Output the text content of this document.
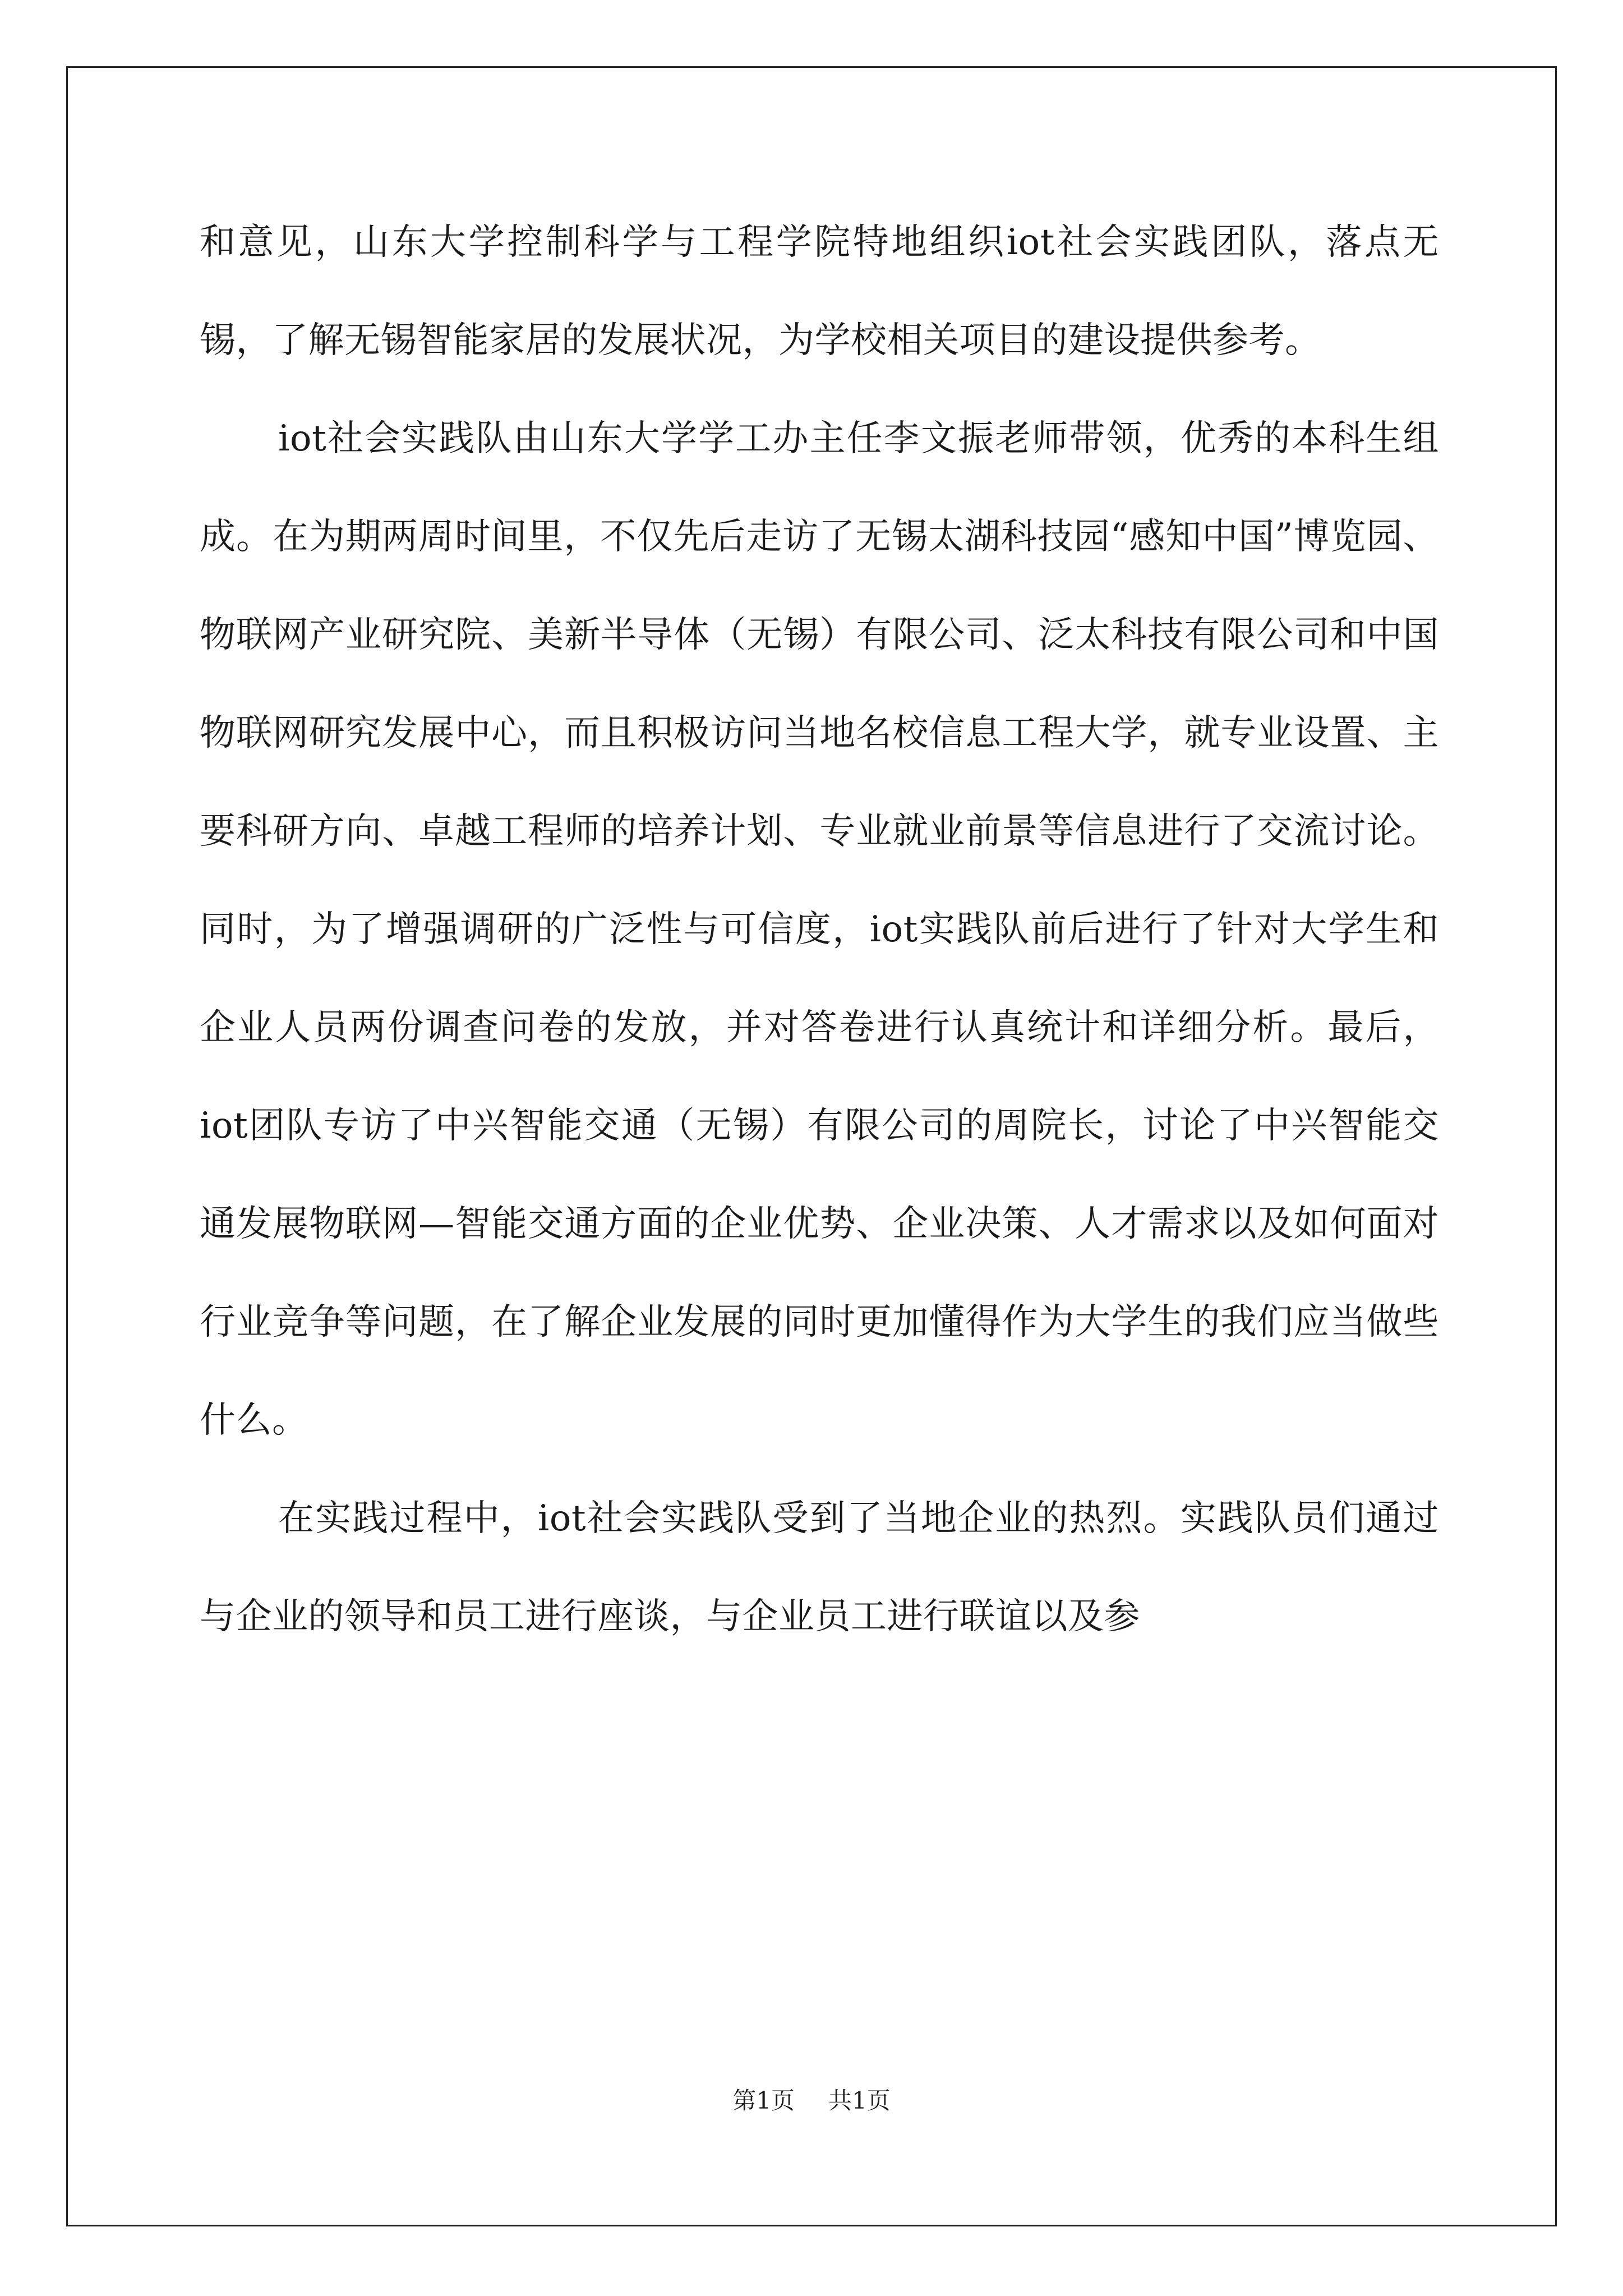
和意见，山东大学控制科学与工程学院特地组织iot社会实践团队，落点无锡，了解无锡智能家居的发展状况，为学校相关项目的建设提供参考。

iot社会实践队由山东大学学工办主任李文振老师带领，优秀的本科生组成。在为期两周时间里，不仅先后走访了无锡太湖科技园“感知中国”博览园、物联网产业研究院、美新半导体（无锡）有限公司、泛太科技有限公司和中国物联网研究发展中心，而且积极访问当地名校信息工程大学，就专业设置、主要科研方向、卓越工程师的培养计划、专业就业前景等信息进行了交流讨论。同时，为了增强调研的广泛性与可信度，iot实践队前后进行了针对大学生和企业人员两份调查问卷的发放，并对答卷进行认真统计和详细分析。最后，iot团队专访了中兴智能交通（无锡）有限公司的周院长，讨论了中兴智能交通发展物联网—智能交通方面的企业优势、企业决策、人才需求以及如何面对行业竞争等问题，在了解企业发展的同时更加懂得作为大学生的我们应当做些什么。

在实践过程中，iot社会实践队受到了当地企业的热烈。实践队员们通过与企业的领导和员工进行座谈，与企业员工进行联谊以及参

第1页 共1页
